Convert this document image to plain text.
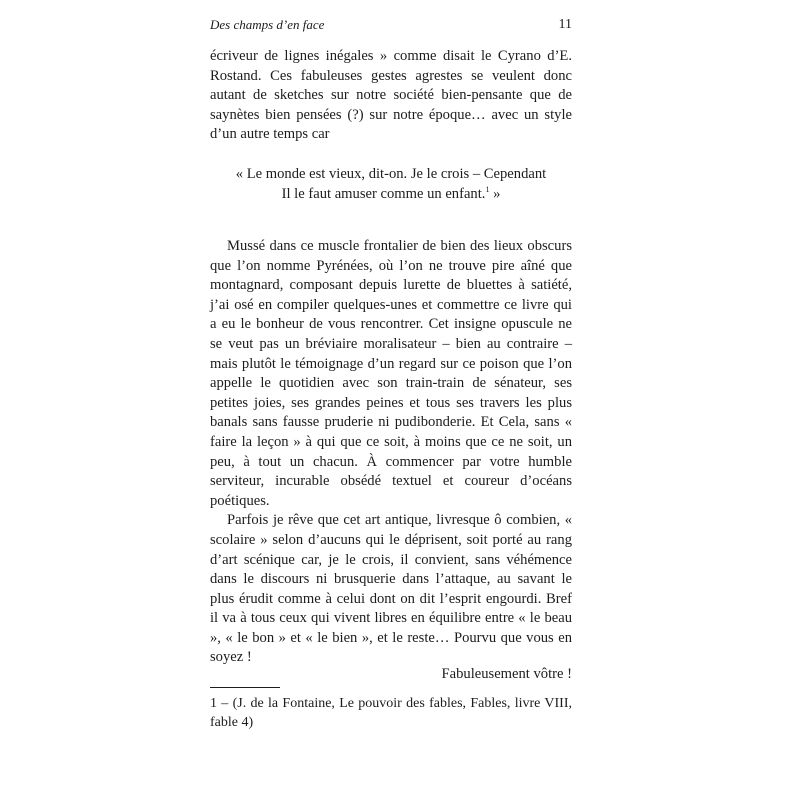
Des champs d’en face	11

écriveur de lignes inégales » comme disait le Cyrano d’E. Rostand. Ces fabuleuses gestes agrestes se veulent donc autant de sketches sur notre société bien-pensante que de saynètes bien pensées (?) sur notre époque… avec un style d’un autre temps car

« Le monde est vieux, dit-on. Je le crois – Cependant
Il le faut amuser comme un enfant.$^1$ »

Mussé dans ce muscle frontalier de bien des lieux obscurs que l’on nomme Pyrénées, où l’on ne trouve pire aîné que montagnard, composant depuis lurette de bluettes à satiété, j’ai osé en compiler quelques-unes et commettre ce livre qui a eu le bonheur de vous rencontrer. Cet insigne opuscule ne se veut pas un bréviaire moralisateur – bien au contraire – mais plutôt le témoignage d’un regard sur ce poison que l’on appelle le quotidien avec son train-train de sénateur, ses petites joies, ses grandes peines et tous ses travers les plus banals sans fausse pruderie ni pudibonderie. Et Cela, sans « faire la leçon » à qui que ce soit, à moins que ce ne soit, un peu, à tout un chacun. À commencer par votre humble serviteur, incurable obsédé textuel et coureur d’océans poétiques.

Parfois je rêve que cet art antique, livresque ô combien, « scolaire » selon d’aucuns qui le déprisent, soit porté au rang d’art scénique car, je le crois, il convient, sans véhémence dans le discours ni brusquerie dans l’attaque, au savant le plus érudit comme à celui dont on dit l’esprit engourdi. Bref il va à tous ceux qui vivent libres en équilibre entre « le beau », « le bon » et « le bien », et le reste… Pourvu que vous en soyez !

Fabuleusement vôtre !
1 – (J. de la Fontaine, Le pouvoir des fables, Fables, livre VIII, fable 4)
